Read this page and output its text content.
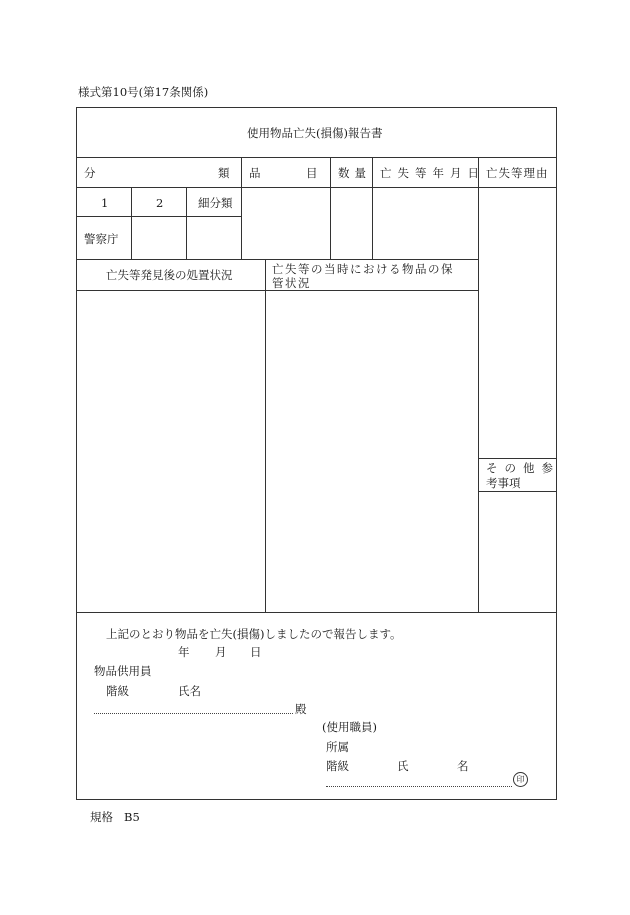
様式第10号(第17条関係)
使用物品亡失(損傷)報告書
分	類 品	目 数量 亡失等年月日 亡失等理由
1	2	細分類
警察庁
亡失等発見後の処置状況	亡失等の当時における物品の保
管状況
その他参
考事項
上記のとおり物品を亡失(損傷)しましたので報告します。
年 月 日
物品供用員
階級	氏名
殿
(使用職員)
所属
階級	氏	名
印
規格 B5
